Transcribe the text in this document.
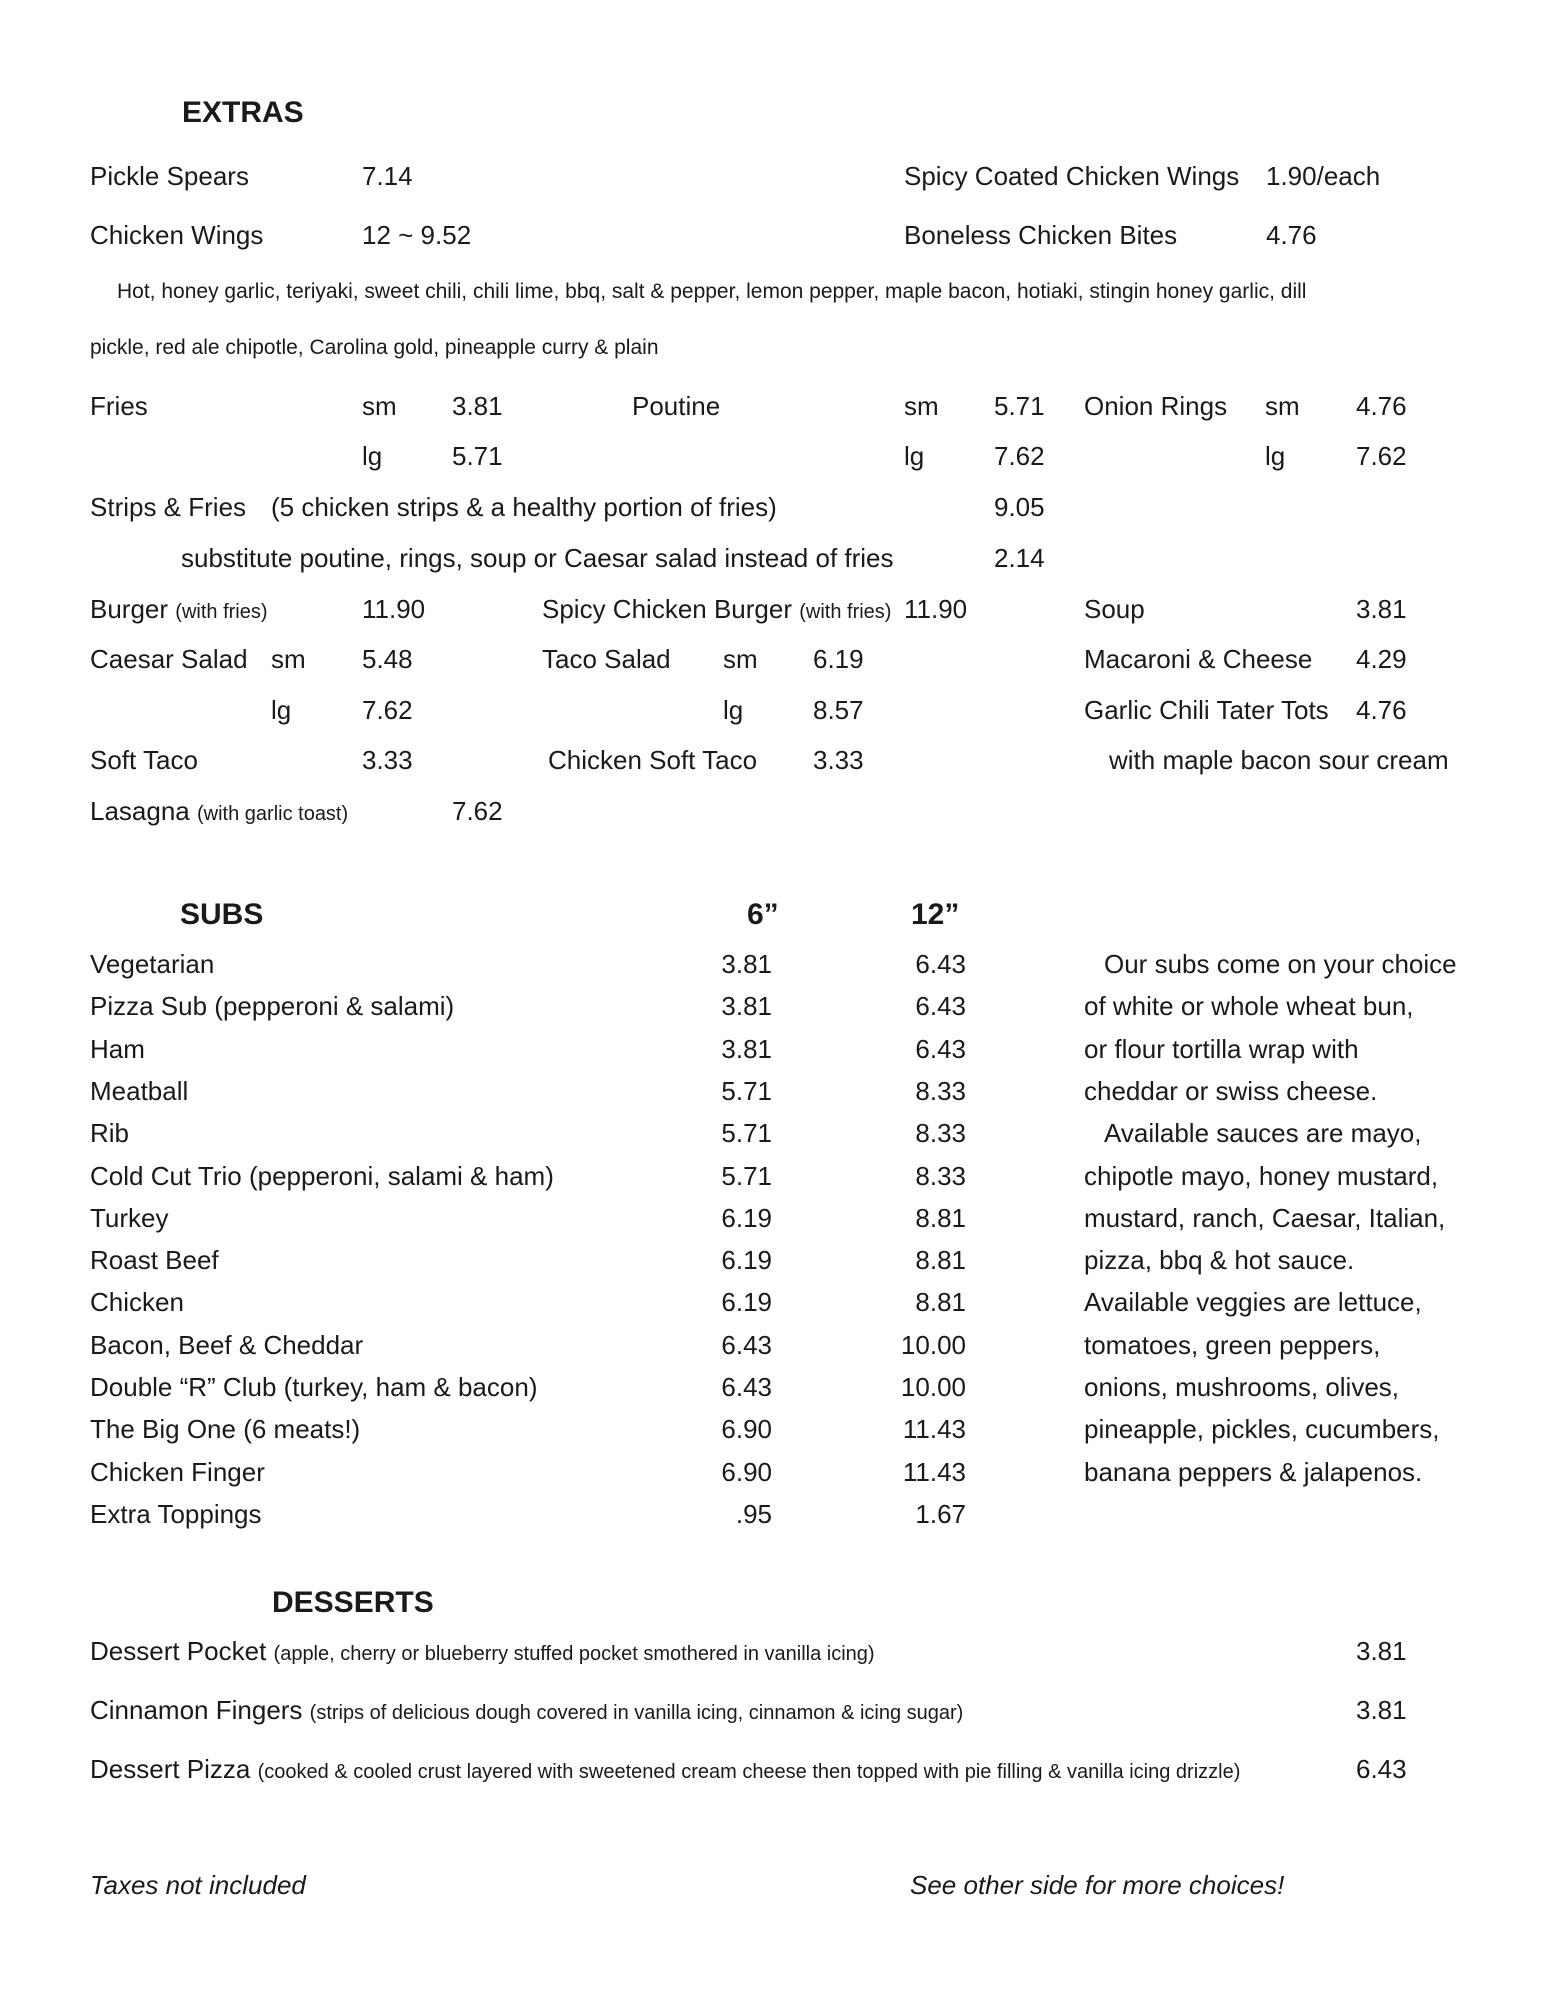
EXTRAS
Pickle Spears	7.14	Spicy Coated Chicken Wings 1.90/each
Chicken Wings	12 ~ 9.52	Boneless Chicken Bites	4.76
Hot, honey garlic, teriyaki, sweet chili, chili lime, bbq, salt & pepper, lemon pepper, maple bacon, hotiaki, stingin honey garlic, dill
pickle, red ale chipotle, Carolina gold, pineapple curry & plain
Fries	sm 3.81	Poutine	sm 5.71 Onion Rings sm 4.76
lg	5.71	lg	7.62	lg	7.62
Strips & Fries (5 chicken strips & a healthy portion of fries)	9.05
substitute poutine, rings, soup or Caesar salad instead of fries	2.14
Burger (with fries)	11.90	Spicy Chicken Burger (with fries) 11.90	Soup	3.81
Caesar Salad sm 5.48	Taco Salad sm 6.19	Macaroni & Cheese 4.29
lg	7.62	lg	8.57	Garlic Chili Tater Tots 4.76
Soft Taco	3.33	Chicken Soft Taco 3.33	with maple bacon sour cream
Lasagna (with garlic toast)	7.62
SUBS	6”	12”
Vegetarian	3.81	6.43
Pizza Sub (pepperoni & salami)	3.81	6.43
Ham	3.81	6.43
Meatball	5.71	8.33
Rib	5.71	8.33
Cold Cut Trio (pepperoni, salami & ham)	5.71	8.33
Turkey	6.19	8.81
Roast Beef	6.19	8.81
Chicken	6.19	8.81
Bacon, Beef & Cheddar	6.43	10.00
Double “R” Club (turkey, ham & bacon)	6.43	10.00
The Big One (6 meats!)	6.90	11.43
Chicken Finger	6.90	11.43
Extra Toppings	.95	1.67
Our subs come on your choice
of white or whole wheat bun,
or flour tortilla wrap with
cheddar or swiss cheese.
Available sauces are mayo,
chipotle mayo, honey mustard,
mustard, ranch, Caesar, Italian,
pizza, bbq & hot sauce.
Available veggies are lettuce,
tomatoes, green peppers,
onions, mushrooms, olives,
pineapple, pickles, cucumbers,
banana peppers & jalapenos.
DESSERTS
Dessert Pocket (apple, cherry or blueberry stuffed pocket smothered in vanilla icing)	3.81
Cinnamon Fingers (strips of delicious dough covered in vanilla icing, cinnamon & icing sugar)	3.81
Dessert Pizza (cooked & cooled crust layered with sweetened cream cheese then topped with pie filling & vanilla icing drizzle)	6.43
Taxes not included	See other side for more choices!
